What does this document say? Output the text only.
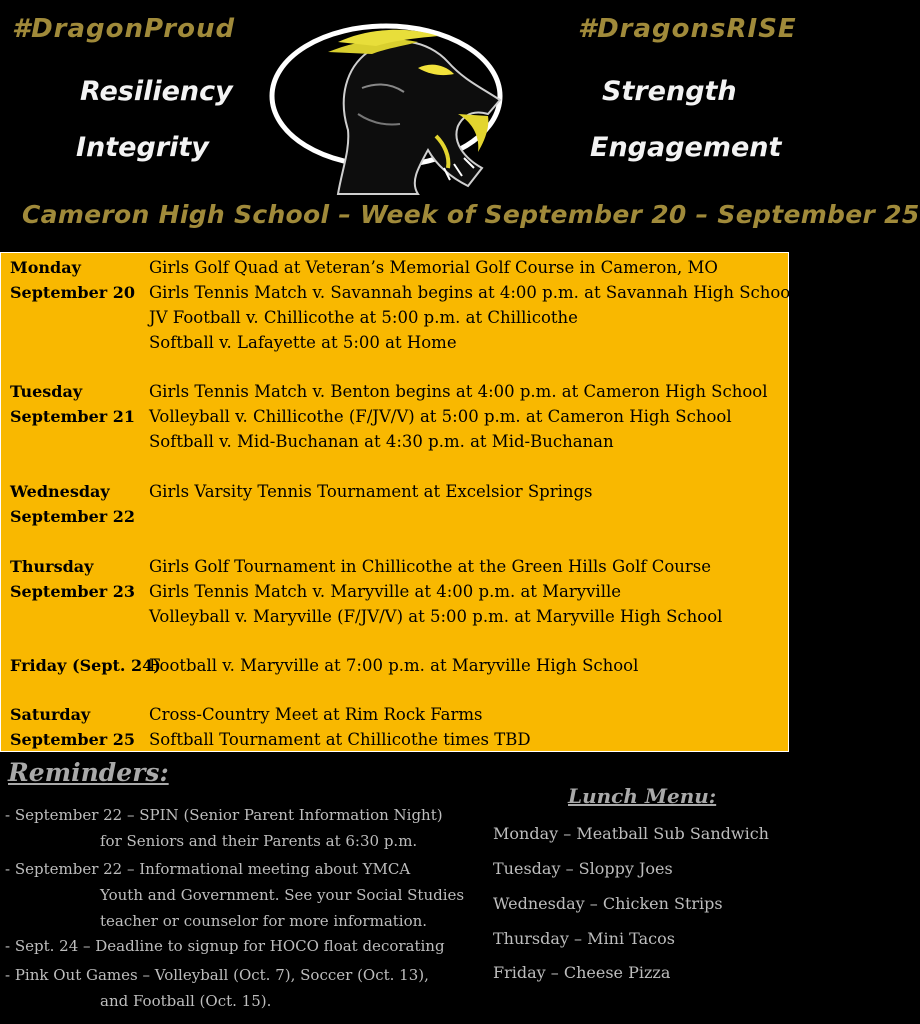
#DragonProud	#DragonsRISE
Resiliency
Integrity
Strength
Engagement
Cameron High School – Week of September 20 – September 25
Monday
September 20
Girls Golf Quad at Veteran’s Memorial Golf Course in Cameron, MO
Girls Tennis Match v. Savannah begins at 4:00 p.m. at Savannah High School
JV Football v. Chillicothe at 5:00 p.m. at Chillicothe
Softball v. Lafayette at 5:00 at Home
Tuesday
September 21
Girls Tennis Match v. Benton begins at 4:00 p.m. at Cameron High School
Volleyball v. Chillicothe (F/JV/V) at 5:00 p.m. at Cameron High School
Softball v. Mid-Buchanan at 4:30 p.m. at Mid-Buchanan
Wednesday
September 22
Girls Varsity Tennis Tournament at Excelsior Springs
Thursday
September 23
Girls Golf Tournament in Chillicothe at the Green Hills Golf Course
Girls Tennis Match v. Maryville at 4:00 p.m. at Maryville
Volleyball v. Maryville (F/JV/V) at 5:00 p.m. at Maryville High School
Friday (Sept. 24)
Football v. Maryville at 7:00 p.m. at Maryville High School
Saturday
September 25
Cross-Country Meet at Rim Rock Farms
Softball Tournament at Chillicothe times TBD
Reminders:
- September 22 – SPIN (Senior Parent Information Night)
for Seniors and their Parents at 6:30 p.m.
- September 22 – Informational meeting about YMCA
Youth and Government. See your Social Studies
teacher or counselor for more information.
- Sept. 24 – Deadline to signup for HOCO float decorating
- Pink Out Games – Volleyball (Oct. 7), Soccer (Oct. 13),
and Football (Oct. 15).
Lunch Menu:
Monday – Meatball Sub Sandwich
Tuesday – Sloppy Joes
Wednesday – Chicken Strips
Thursday – Mini Tacos
Friday – Cheese Pizza
